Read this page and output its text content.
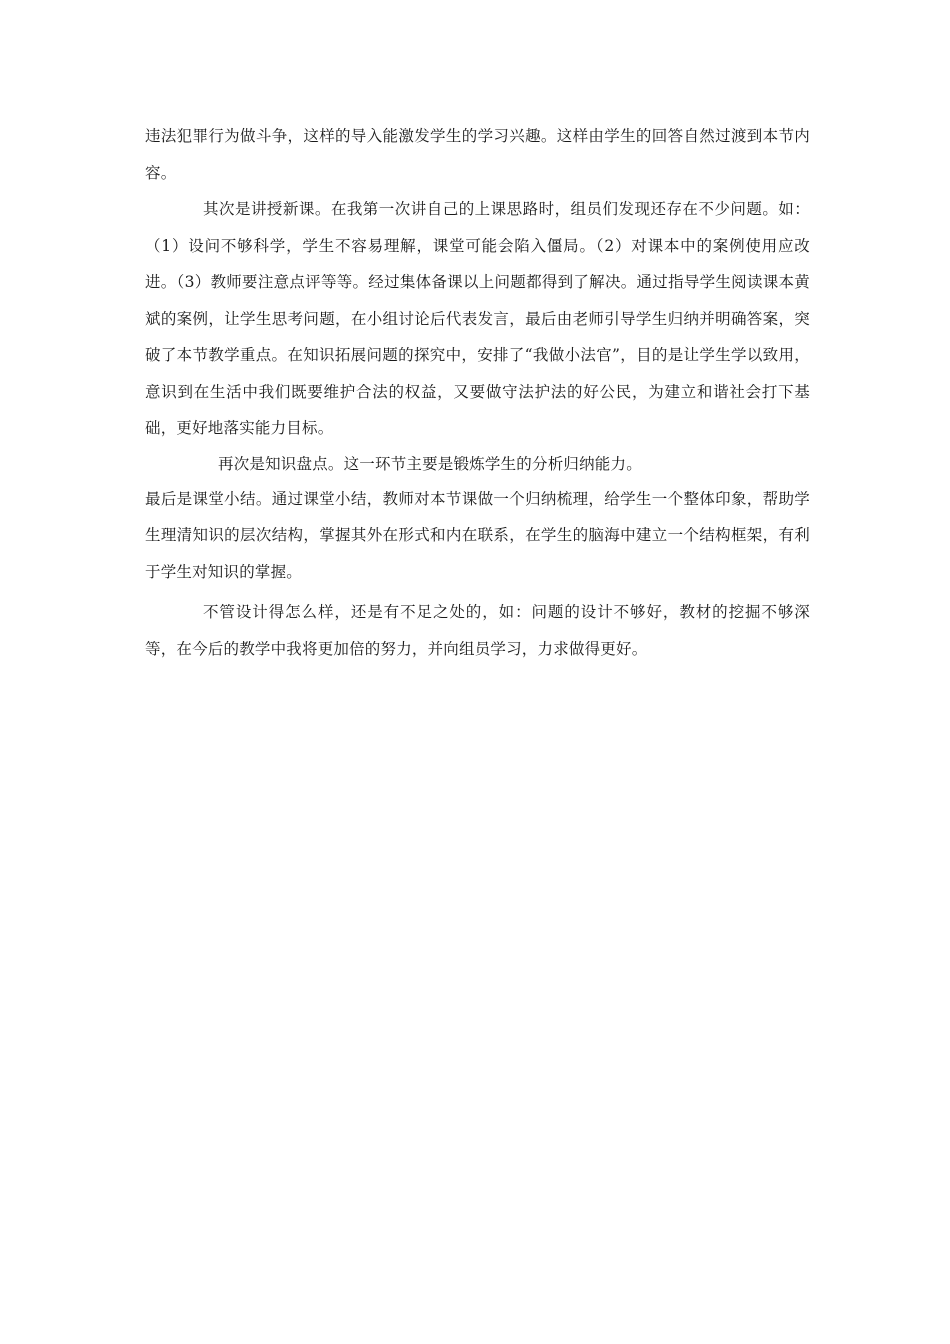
违法犯罪行为做斗争，这样的导入能激发学生的学习兴趣。这样由学生的回答自然过渡到本节内容。

其次是讲授新课。在我第一次讲自己的上课思路时，组员们发现还存在不少问题。如：（1）设问不够科学，学生不容易理解，课堂可能会陷入僵局。（2）对课本中的案例使用应改进。（3）教师要注意点评等等。经过集体备课以上问题都得到了解决。通过指导学生阅读课本黄斌的案例，让学生思考问题，在小组讨论后代表发言，最后由老师引导学生归纳并明确答案，突破了本节教学重点。在知识拓展问题的探究中，安排了“我做小法官”，目的是让学生学以致用，意识到在生活中我们既要维护合法的权益，又要做守法护法的好公民，为建立和谐社会打下基础，更好地落实能力目标。

再次是知识盘点。这一环节主要是锻炼学生的分析归纳能力。

最后是课堂小结。通过课堂小结，教师对本节课做一个归纳梳理，给学生一个整体印象，帮助学生理清知识的层次结构，掌握其外在形式和内在联系，在学生的脑海中建立一个结构框架，有利于学生对知识的掌握。

不管设计得怎么样，还是有不足之处的，如：问题的设计不够好，教材的挖掘不够深等，在今后的教学中我将更加倍的努力，并向组员学习，力求做得更好。
